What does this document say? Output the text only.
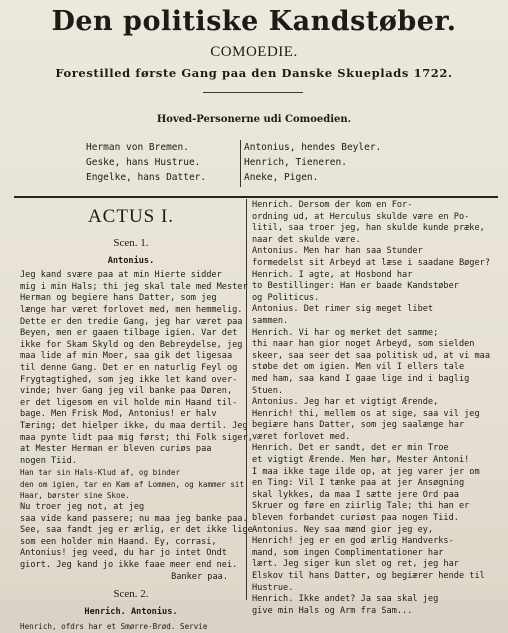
Den politiske Kandstøber.
COMOEDIE.
Forestilled første Gang paa den Danske Skueplads 1722.
Hoved-Personerne udi Comoedien.
Herman von Bremen.
Geske, hans Hustrue.
Engelke, hans Datter.
Antonius, hendes Beyler.
Henrich, Tieneren.
Aneke, Pigen.
ACTUS I.
Scen. 1.
Antonius.
Jeg kand svære paa at min Hierte sidder
mig i min Hals; thi jeg skal tale med Mester
Herman og begiere hans Datter, som jeg
længe har været forlovet med, men hemmelig.
Dette er den tredie Gang, jeg har været paa
Beyen, men er gaaen tilbage igien. Var det
ikke for Skam Skyld og den Bebreydelse, jeg
maa lide af min Moer, saa gik det ligesaa
til denne Gang. Det er en naturlig Feyl og
Frygtagtighed, som jeg ikke let kand over-
vinde; hver Gang jeg vil banke paa Døren,
er det ligesom en vil holde min Haand til-
bage. Men Frisk Mod, Antonius! er halv
Tæring; det hielper ikke, du maa dertil. Jeg
maa pynte lidt paa mig først; thi Folk siger,
at Mester Herman er bleven curiøs paa
nogen Tiid.
Han tar sin Hals-Klud af, og binder
den om igien, tar en Kam af Lommen, og kammer sit
Haar, børster sine Skoe.
Nu troer jeg not, at jeg
saa vide kand passere; nu maa jeg banke paa.
See, saa fandt jeg er ærlig, er det ikke lige-
som een holder min Haand. Ey, corrasi,
Antonius! jeg veed, du har jo intet Ondt
giort. Jeg kand jo ikke faae meer end nei.
Banker paa.
Scen. 2.
Henrich. Antonius.
Henrich, ofdrs har et Smørre-Brød. Servie
Henrich. Dersom der kom en For-
ordning ud, at Herculus skulde være en Po-
litil, saa troer jeg, han skulde kunde præke,
naar det skulde være.
Antonius. Men har han saa Stunder
formedelst sit Arbeyd at læse i saadane Bøger?
Henrich. I agte, at Hosbond har
to Bestillinger: Han er baade Kandstøber
og Politicus.
Antonius. Det rimer sig meget libet
sammen.
Henrich. Vi har og merket det samme;
thi naar han gior noget Arbeyd, som sielden
skeer, saa seer det saa politisk ud, at vi maa
støbe det om igien. Men vil I ellers tale
med ham, saa kand I gaae lige ind i baglig
Stuen.
Antonius. Jeg har et vigtigt Ærende,
Henrich! thi, mellem os at sige, saa vil jeg
begiære hans Datter, som jeg saalænge har
været forlovet med.
Henrich. Det er sandt, det er min Troe
et vigtigt Ærende. Men hør, Mester Antoni!
I maa ikke tage ilde op, at jeg varer jer om
en Ting: Vil I tænke paa at jer Ansøgning
skal lykkes, da maa I sætte jere Ord paa
Skruer og føre en ziirlig Tale; thi han er
bleven forbandet curiøst paa nogen Tiid.
Antonius. Ney saa mænd gior jeg ey,
Henrich! jeg er en god ærlig Handverks-
mand, som ingen Complimentationer har
lært. Jeg siger kun slet og ret, jeg har
Elskov til hans Datter, og begiærer hende til
Hustrue.
Henrich. Ikke andet? Ja saa skal jeg
give min Hals og Arm fra Sam...
